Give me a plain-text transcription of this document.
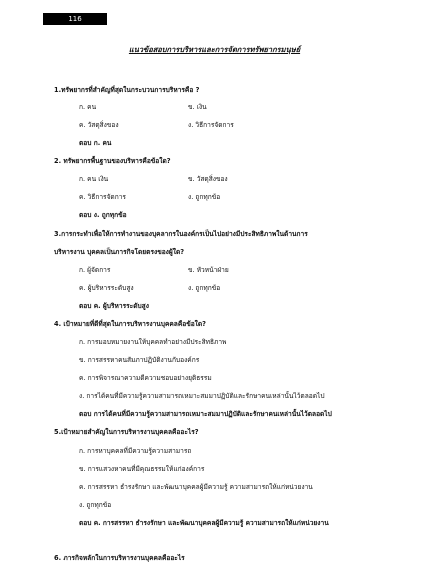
116
แนวข้อสอบการบริหารและการจัดการทรัพยากรมนุษย์
1.ทรัพยากรที่สำคัญที่สุดในกระบวนการบริหารคือ ?
ก. คน	ข. เงิน
ค. วัสดุสิ่งของ	ง. วิธีการจัดการ
ตอบ ก. คน
2. ทรัพยากรพื้นฐานของบริหารคือข้อใด?
ก. คน เงิน	ข. วัสดุสิ่งของ
ค. วิธีการจัดการ	ง. ถูกทุกข้อ
ตอบ ง. ถูกทุกข้อ
3.การกระทำเพื่อให้การทำงานของบุคลากรในองค์กรเป็นไปอย่างมีประสิทธิภาพในด้านการ
บริหารงาน บุคคลเป็นภารกิจโดยตรงของผู้ใด?
ก. ผู้จัดการ	ข. หัวหน้าฝ่าย
ค. ผู้บริหารระดับสูง	ง. ถูกทุกข้อ
ตอบ ค. ผู้บริหารระดับสูง
4. เป้าหมายที่ดีที่สุดในการบริหารงานบุคคลคือข้อใด?
ก. การมอบหมายงานให้บุคคลทำอย่างมีประสิทธิภาพ
ข. การสรรหาคนสัมภาปฏิบัติงานกับองค์กร
ค. การพิจารณาความดีความชอบอย่างยุติธรรม
ง. การได้คนที่มีความรู้ความสามารถเหมาะสมมาปฏิบัติและรักษาคนเหล่านั้นไว้ตลอดไป
ตอบ การได้คนที่มีความรู้ความสามารถเหมาะสมมาปฏิบัติและรักษาคนเหล่านั้นไว้ตลอดไป
5.เป้าหมายสำคัญในการบริหารงานบุคคลคืออะไร?
ก. การหาบุคคลที่มีความรู้ความสามารถ
ข. การแสวงหาคนที่มีคุณธรรมให้แก่องค์การ
ค. การสรรหา ธำรงรักษา และพัฒนาบุคคลผู้มีความรู้ ความสามารถให้แก่หน่วยงาน
ง. ถูกทุกข้อ
ตอบ ค. การสรรหา ธำรงรักษา และพัฒนาบุคคลผู้มีความรู้ ความสามารถให้แก่หน่วยงาน
6. ภารกิจหลักในการบริหารงานบุคคลคืออะไร
